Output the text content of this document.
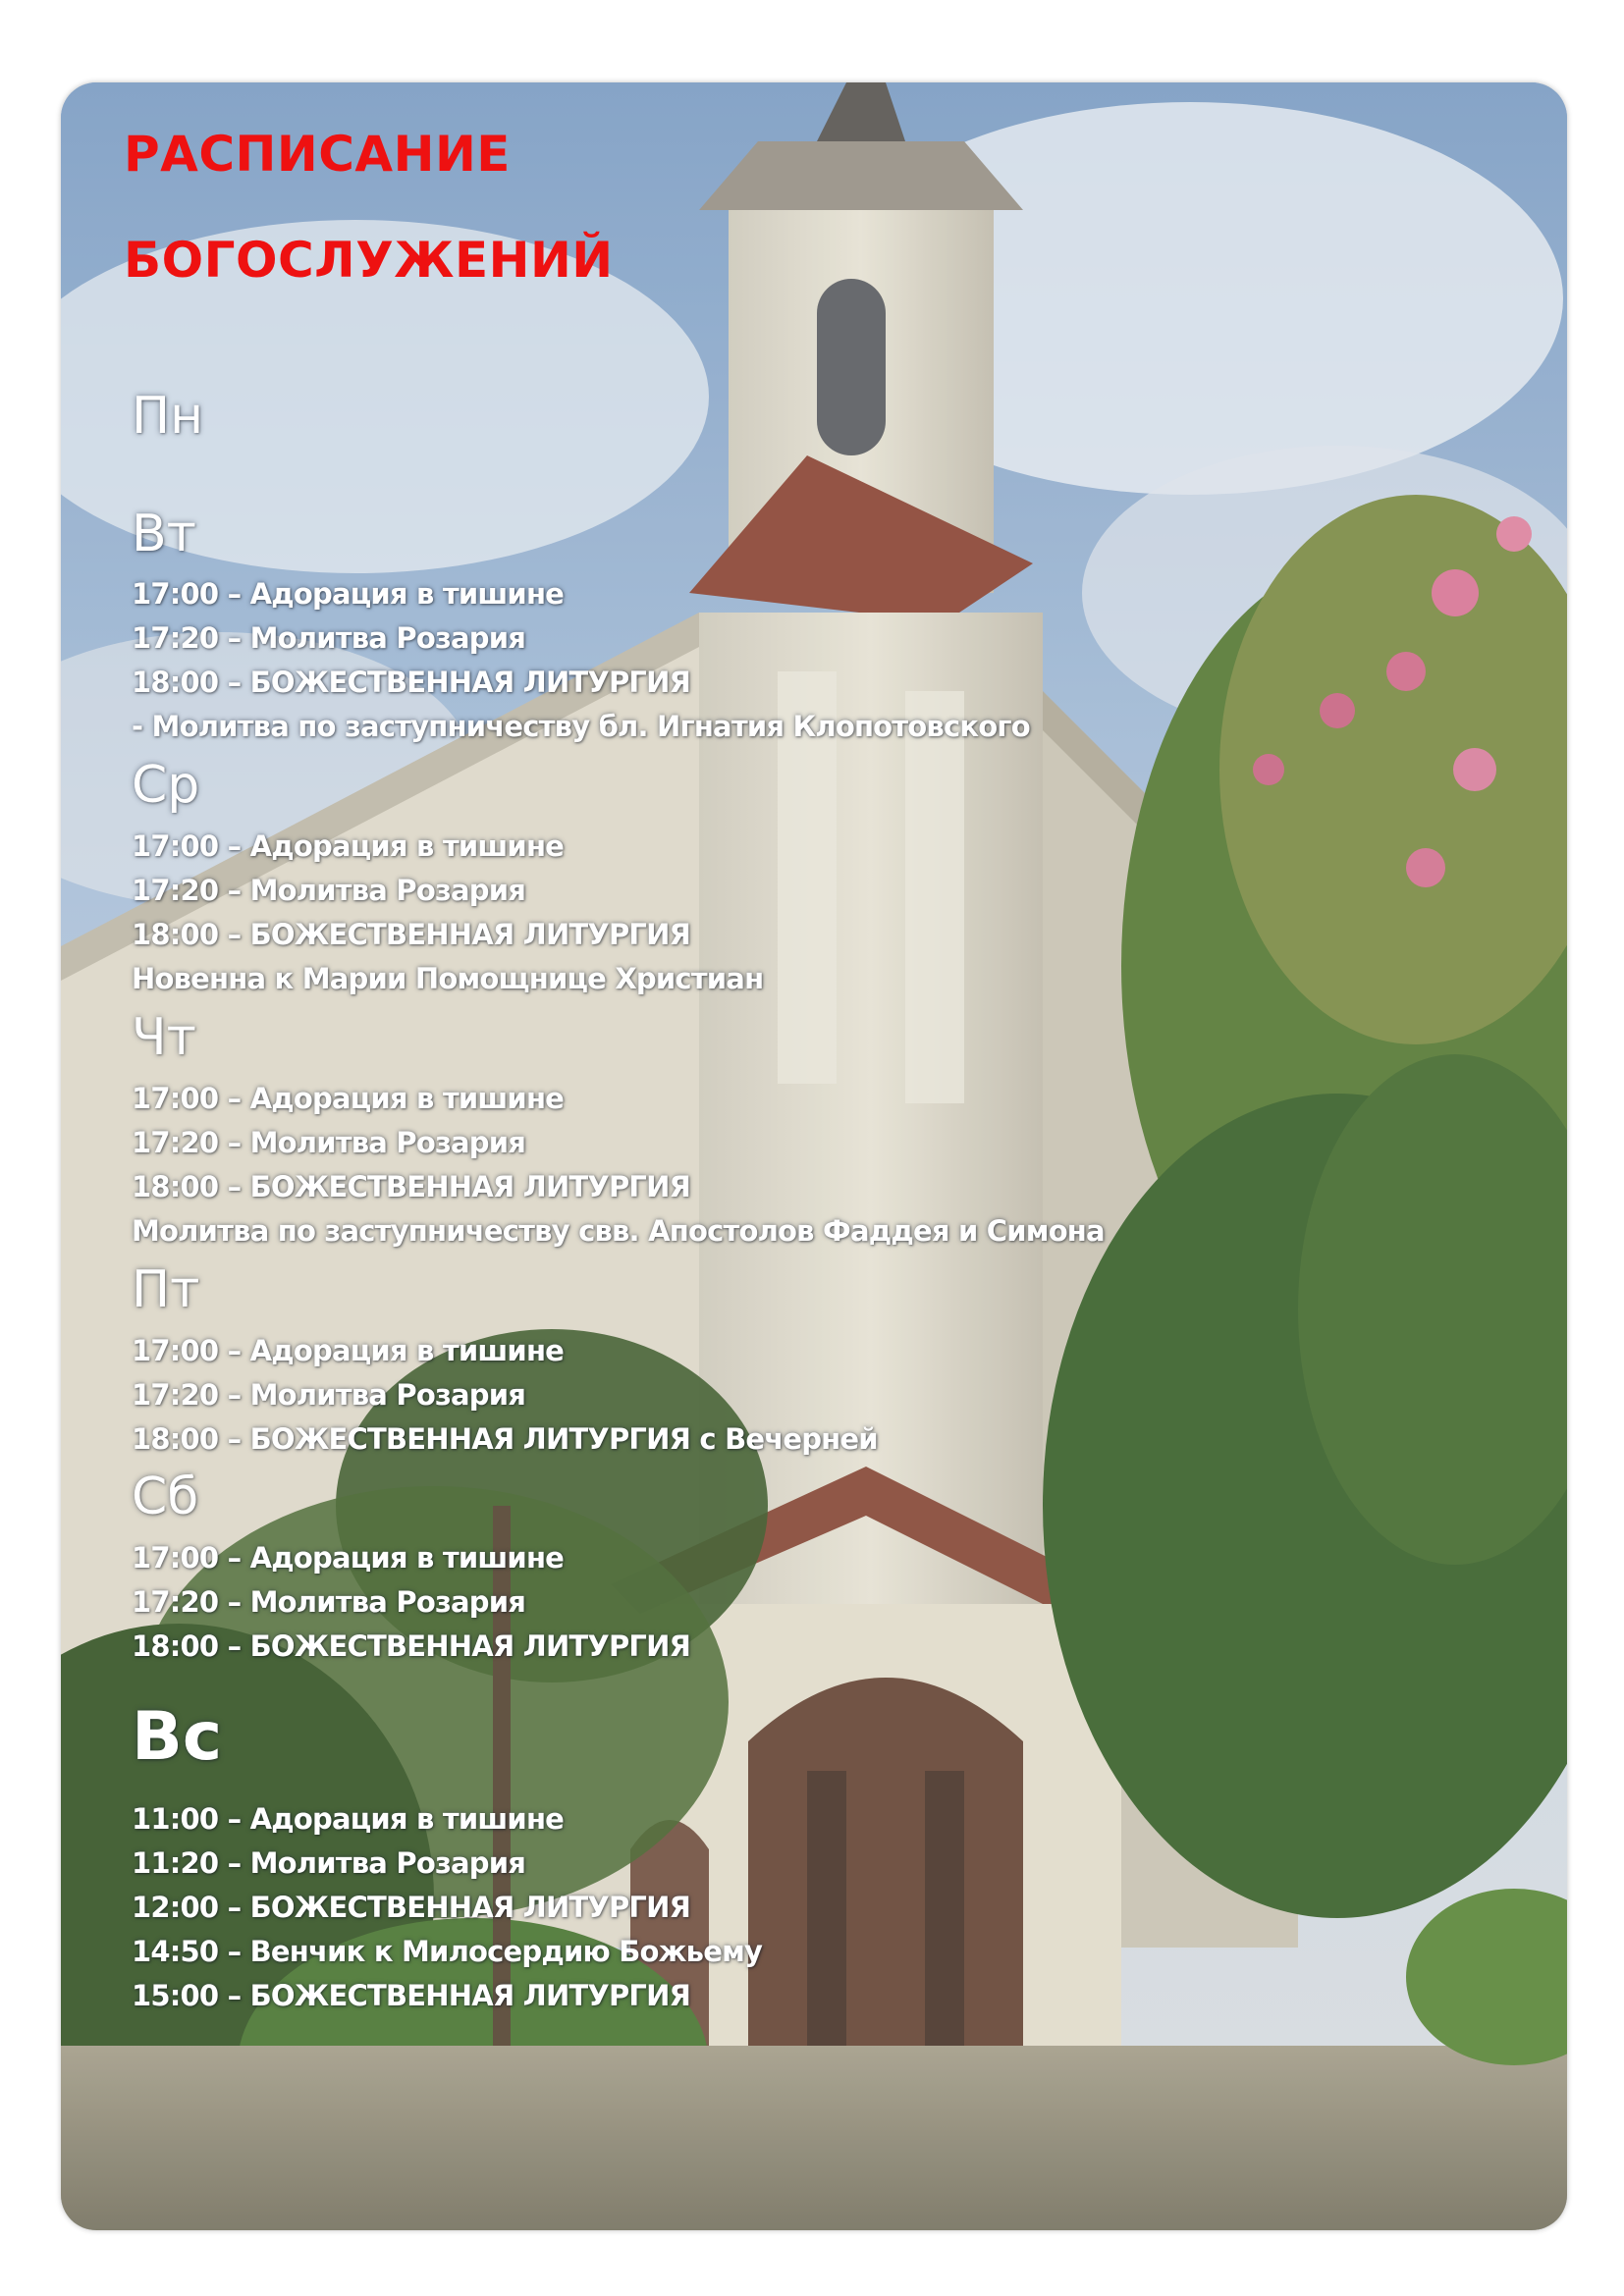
РАСПИСАНИЕ
БОГОСЛУЖЕНИЙ
Пн
Вт
17:00 – Адорация в тишине
17:20 – Молитва Розария
18:00 – БОЖЕСТВЕННАЯ ЛИТУРГИЯ
- Молитва по заступничеству бл. Игнатия Клопотовского
Ср
17:00 – Адорация в тишине
17:20 – Молитва Розария
18:00 – БОЖЕСТВЕННАЯ ЛИТУРГИЯ
Новенна к Марии Помощнице Христиан
Чт
17:00 – Адорация в тишине
17:20 – Молитва Розария
18:00 – БОЖЕСТВЕННАЯ ЛИТУРГИЯ
Молитва по заступничеству свв. Апостолов Фаддея и Симона
Пт
17:00 – Адорация в тишине
17:20 – Молитва Розария
18:00 – БОЖЕСТВЕННАЯ ЛИТУРГИЯ с Вечерней
Сб
17:00 – Адорация в тишине
17:20 – Молитва Розария
18:00 – БОЖЕСТВЕННАЯ ЛИТУРГИЯ
Вс
11:00 – Адорация в тишине
11:20 – Молитва Розария
12:00 – БОЖЕСТВЕННАЯ ЛИТУРГИЯ
14:50 – Венчик к Милосердию Божьему
15:00 – БОЖЕСТВЕННАЯ ЛИТУРГИЯ
